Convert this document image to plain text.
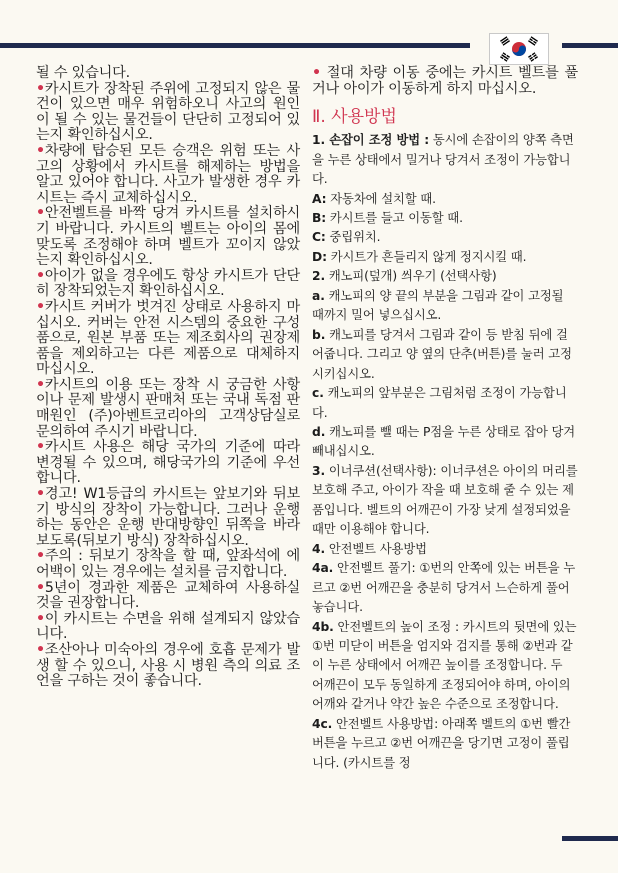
될 수 있습니다.

•카시트가 장착된 주위에 고정되지 않은 물건이 있으면 매우 위험하오니 사고의 원인이 될 수 있는 물건들이 단단히 고정되어 있는지 확인하십시오.

•차량에 탑승된 모든 승객은 위험 또는 사고의 상황에서 카시트를 해제하는 방법을 알고 있어야 합니다. 사고가 발생한 경우 카시트는 즉시 교체하십시오.

•안전벨트를 바짝 당겨 카시트를 설치하시기 바랍니다. 카시트의 벨트는 아이의 몸에 맞도록 조정해야 하며 벨트가 꼬이지 않았는지 확인하십시오.

•아이가 없을 경우에도 항상 카시트가 단단히 장착되었는지 확인하십시오.

•카시트 커버가 벗겨진 상태로 사용하지 마십시오. 커버는 안전 시스템의 중요한 구성품으로, 원본 부품 또는 제조회사의 권장제품을 제외하고는 다른 제품으로 대체하지 마십시오.

•카시트의 이용 또는 장착 시 궁금한 사항이나 문제 발생시 판매처 또는 국내 독점 판매원인 (주)아벤트코리아의 고객상담실로 문의하여 주시기 바랍니다.

•카시트 사용은 해당 국가의 기준에 따라 변경될 수 있으며, 해당국가의 기준에 우선합니다.

•경고! W1등급의 카시트는 앞보기와 뒤보기 방식의 장착이 가능합니다. 그러나 운행하는 동안은 운행 반대방향인 뒤쪽을 바라보도록(뒤보기 방식) 장착하십시오.

•주의 : 뒤보기 장착을 할 때, 앞좌석에 에어백이 있는 경우에는 설치를 금지합니다.

•5년이 경과한 제품은 교체하여 사용하실 것을 권장합니다.

•이 카시트는 수면을 위해 설계되지 않았습니다.

•조산아나 미숙아의 경우에 호흡 문제가 발생 할 수 있으니, 사용 시 병원 측의 의료 조언을 구하는 것이 좋습니다.

• 절대 차량 이동 중에는 카시트 벨트를 풀거나 아이가 이동하게 하지 마십시오.

Ⅱ. 사용방법

1. 손잡이 조정 방법 : 동시에 손잡이의 양쪽 측면을 누른 상태에서 밀거나 당겨서 조정이 가능합니다.

A: 자동차에 설치할 때.

B: 카시트를 들고 이동할 때.

C: 중립위치.

D: 카시트가 흔들리지 않게 정지시킬 때.

2. 캐노피(덮개) 씌우기 (선택사항)

a. 캐노피의 양 끝의 부분을 그림과 같이 고정될 때까지 밀어 넣으십시오.

b. 캐노피를 당겨서 그림과 같이 등 받침 뒤에 걸어줍니다. 그리고 양 옆의 단추(버튼)를 눌러 고정 시키십시오.

c. 캐노피의 앞부분은 그림처럼 조정이 가능합니다.

d. 캐노피를 뺄 때는 P점을 누른 상태로 잡아 당겨 빼내십시오.

3. 이너쿠션(선택사항): 이너쿠션은 아이의 머리를 보호해 주고, 아이가 작을 때 보호해 줄 수 있는 제품입니다. 벨트의 어깨끈이 가장 낮게 설정되었을 때만 이용해야 합니다.

4. 안전벨트 사용방법

4a. 안전벨트 풀기: ①번의 안쪽에 있는 버튼을 누르고 ②번 어깨끈을 충분히 당겨서 느슨하게 풀어 놓습니다.

4b. 안전벨트의 높이 조정 : 카시트의 뒷면에 있는 ①번 미닫이 버튼을 엄지와 검지를 통해 ②번과 같이 누른 상태에서 어깨끈 높이를 조정합니다. 두 어깨끈이 모두 동일하게 조정되어야 하며, 아이의 어깨와 같거나 약간 높은 수준으로 조정합니다.

4c. 안전벨트 사용방법: 아래쪽 벨트의 ①번 빨간 버튼을 누르고 ②번 어깨끈을 당기면 고정이 풀립니다. (카시트를 정
